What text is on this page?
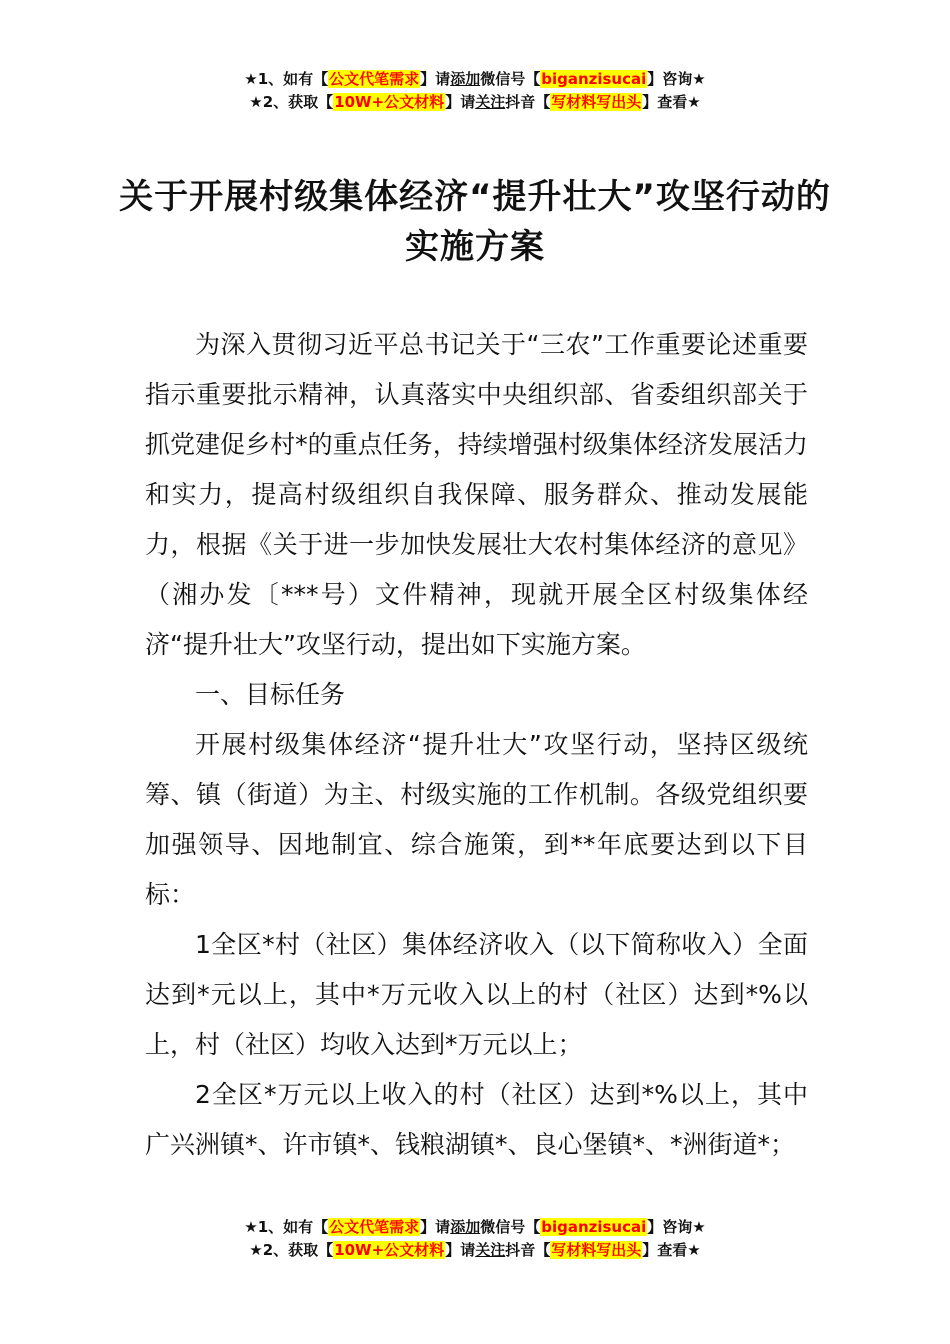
★1、如有【公文代笔需求】请添加微信号【biganzisucai】咨询★
★2、获取【10W+公文材料】请关注抖音【写材料写出头】查看★
关于开展村级集体经济“提升壮大”攻坚行动的实施方案

为深入贯彻习近平总书记关于“三农”工作重要论述重要指示重要批示精神，认真落实中央组织部、省委组织部关于抓党建促乡村*的重点任务，持续增强村级集体经济发展活力和实力，提高村级组织自我保障、服务群众、推动发展能力，根据《关于进一步加快发展壮大农村集体经济的意见》（湘办发〔***号）文件精神，现就开展全区村级集体经济“提升壮大”攻坚行动，提出如下实施方案。

一、目标任务

开展村级集体经济“提升壮大”攻坚行动，坚持区级统筹、镇（街道）为主、村级实施的工作机制。各级党组织要加强领导、因地制宜、综合施策，到**年底要达到以下目标：

1全区*村（社区）集体经济收入（以下简称收入）全面达到*元以上，其中*万元收入以上的村（社区）达到*%以上，村（社区）均收入达到*万元以上；

2全区*万元以上收入的村（社区）达到*%以上，其中广兴洲镇*、许市镇*、钱粮湖镇*、良心堡镇*、*洲街道*；

★1、如有【公文代笔需求】请添加微信号【biganzisucai】咨询★
★2、获取【10W+公文材料】请关注抖音【写材料写出头】查看★
